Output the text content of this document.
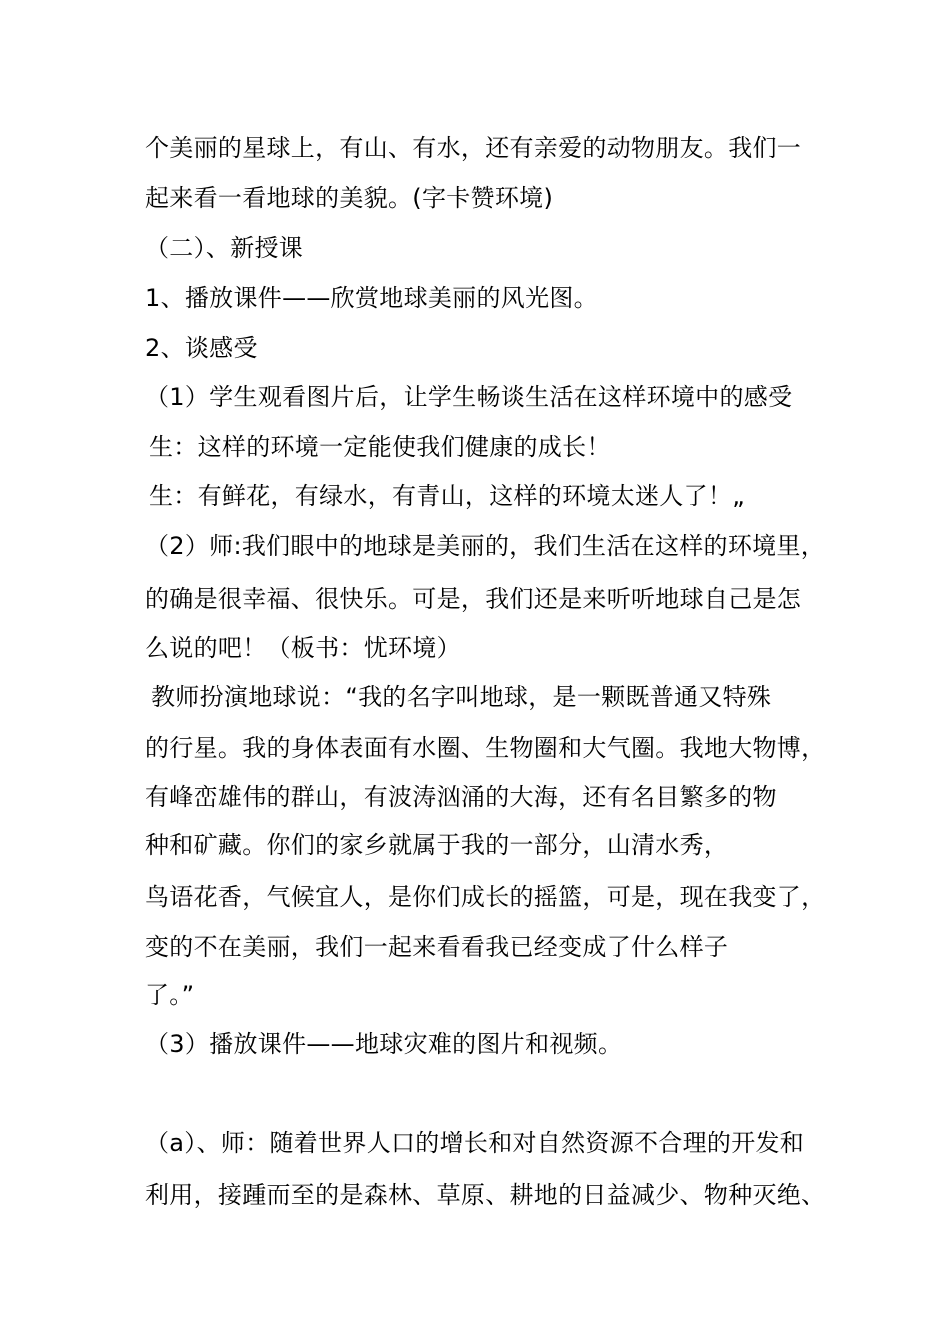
个美丽的星球上，有山、有水，还有亲爱的动物朋友。我们一
起来看一看地球的美貌。(字卡赞环境)
（二）、新授课
1、播放课件——欣赏地球美丽的风光图。
2、谈感受
（1）学生观看图片后，让学生畅谈生活在这样环境中的感受
生：这样的环境一定能使我们健康的成长！
生：有鲜花，有绿水，有青山，这样的环境太迷人了！„
（2）师:我们眼中的地球是美丽的，我们生活在这样的环境里，
的确是很幸福、很快乐。可是，我们还是来听听地球自己是怎
么说的吧！（板书：忧环境）
教师扮演地球说：“我的名字叫地球，是一颗既普通又特殊
的行星。我的身体表面有水圈、生物圈和大气圈。我地大物博，
有峰峦雄伟的群山，有波涛汹涌的大海，还有名目繁多的物
种和矿藏。你们的家乡就属于我的一部分，山清水秀，
鸟语花香，气候宜人，是你们成长的摇篮，可是，现在我变了，
变的不在美丽，我们一起来看看我已经变成了什么样子
了。”
（3）播放课件——地球灾难的图片和视频。
（a）、师：随着世界人口的增长和对自然资源不合理的开发和
利用，接踵而至的是森林、草原、耕地的日益减少、物种灭绝、
